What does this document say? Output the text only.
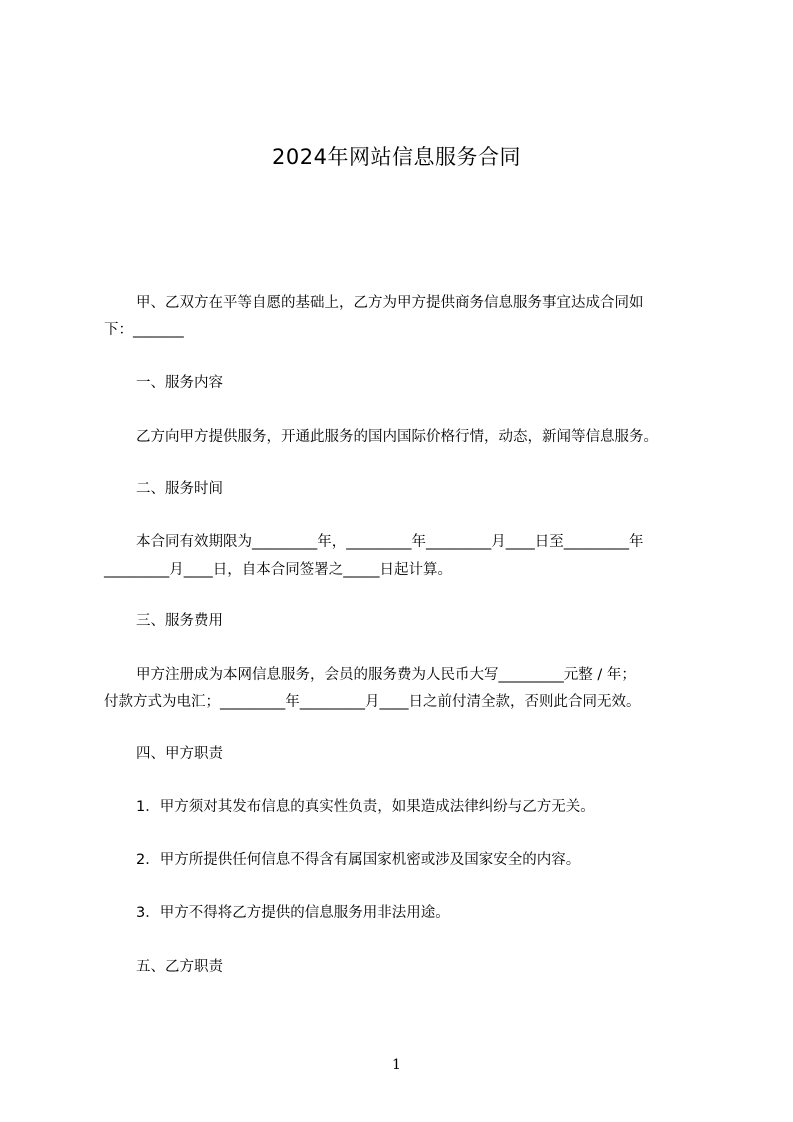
2024年网站信息服务合同
甲、乙双方在平等自愿的基础上，乙方为甲方提供商务信息服务事宜达成合同如
下：_______
一、服务内容
乙方向甲方提供服务，开通此服务的国内国际价格行情，动态，新闻等信息服务。
二、服务时间
本合同有效期限为_________年，_________年_________月____日至_________年
_________月____日，自本合同签署之_____日起计算。
三、服务费用
甲方注册成为本网信息服务，会员的服务费为人民币大写_________元整 / 年；
付款方式为电汇；_________年_________月____日之前付清全款，否则此合同无效。
四、甲方职责
1．甲方须对其发布信息的真实性负责，如果造成法律纠纷与乙方无关。
2．甲方所提供任何信息不得含有属国家机密或涉及国家安全的内容。
3．甲方不得将乙方提供的信息服务用非法用途。
五、乙方职责
1
